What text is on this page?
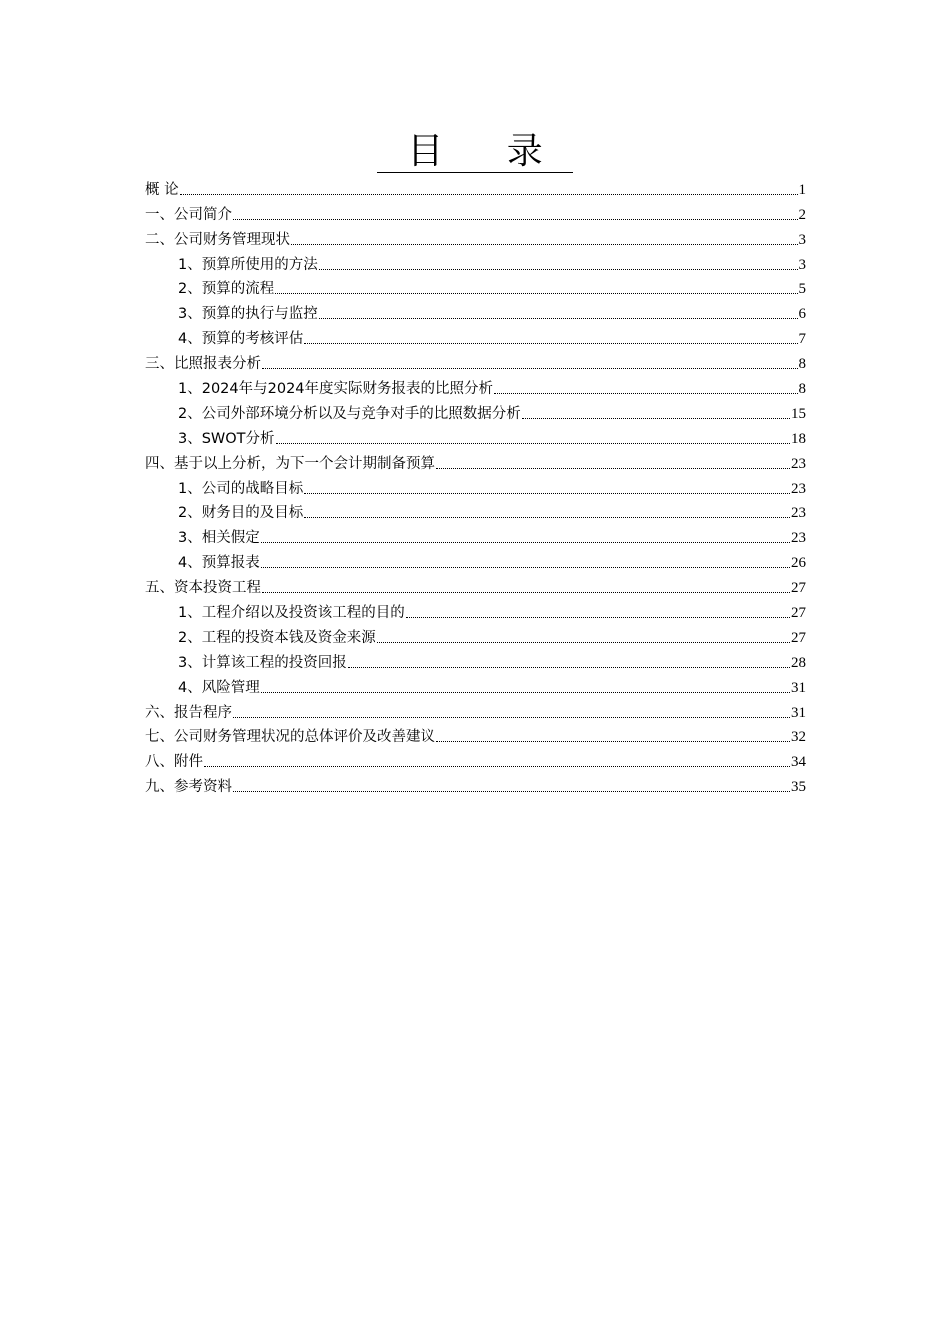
目 录
概 论	1
一、公司简介	2
二、公司财务管理现状	3
1、预算所使用的方法	3
2、预算的流程	5
3、预算的执行与监控	6
4、预算的考核评估	7
三、比照报表分析	8
1、2024年与2024年度实际财务报表的比照分析	8
2、公司外部环境分析以及与竞争对手的比照数据分析	15
3、SWOT分析	18
四、基于以上分析，为下一个会计期制备预算	23
1、公司的战略目标	23
2、财务目的及目标	23
3、相关假定	23
4、预算报表	26
五、资本投资工程	27
1、工程介绍以及投资该工程的目的	27
2、工程的投资本钱及资金来源	27
3、计算该工程的投资回报	28
4、风险管理	31
六、报告程序	31
七、公司财务管理状况的总体评价及改善建议	32
八、附件	34
九、参考资料	35
